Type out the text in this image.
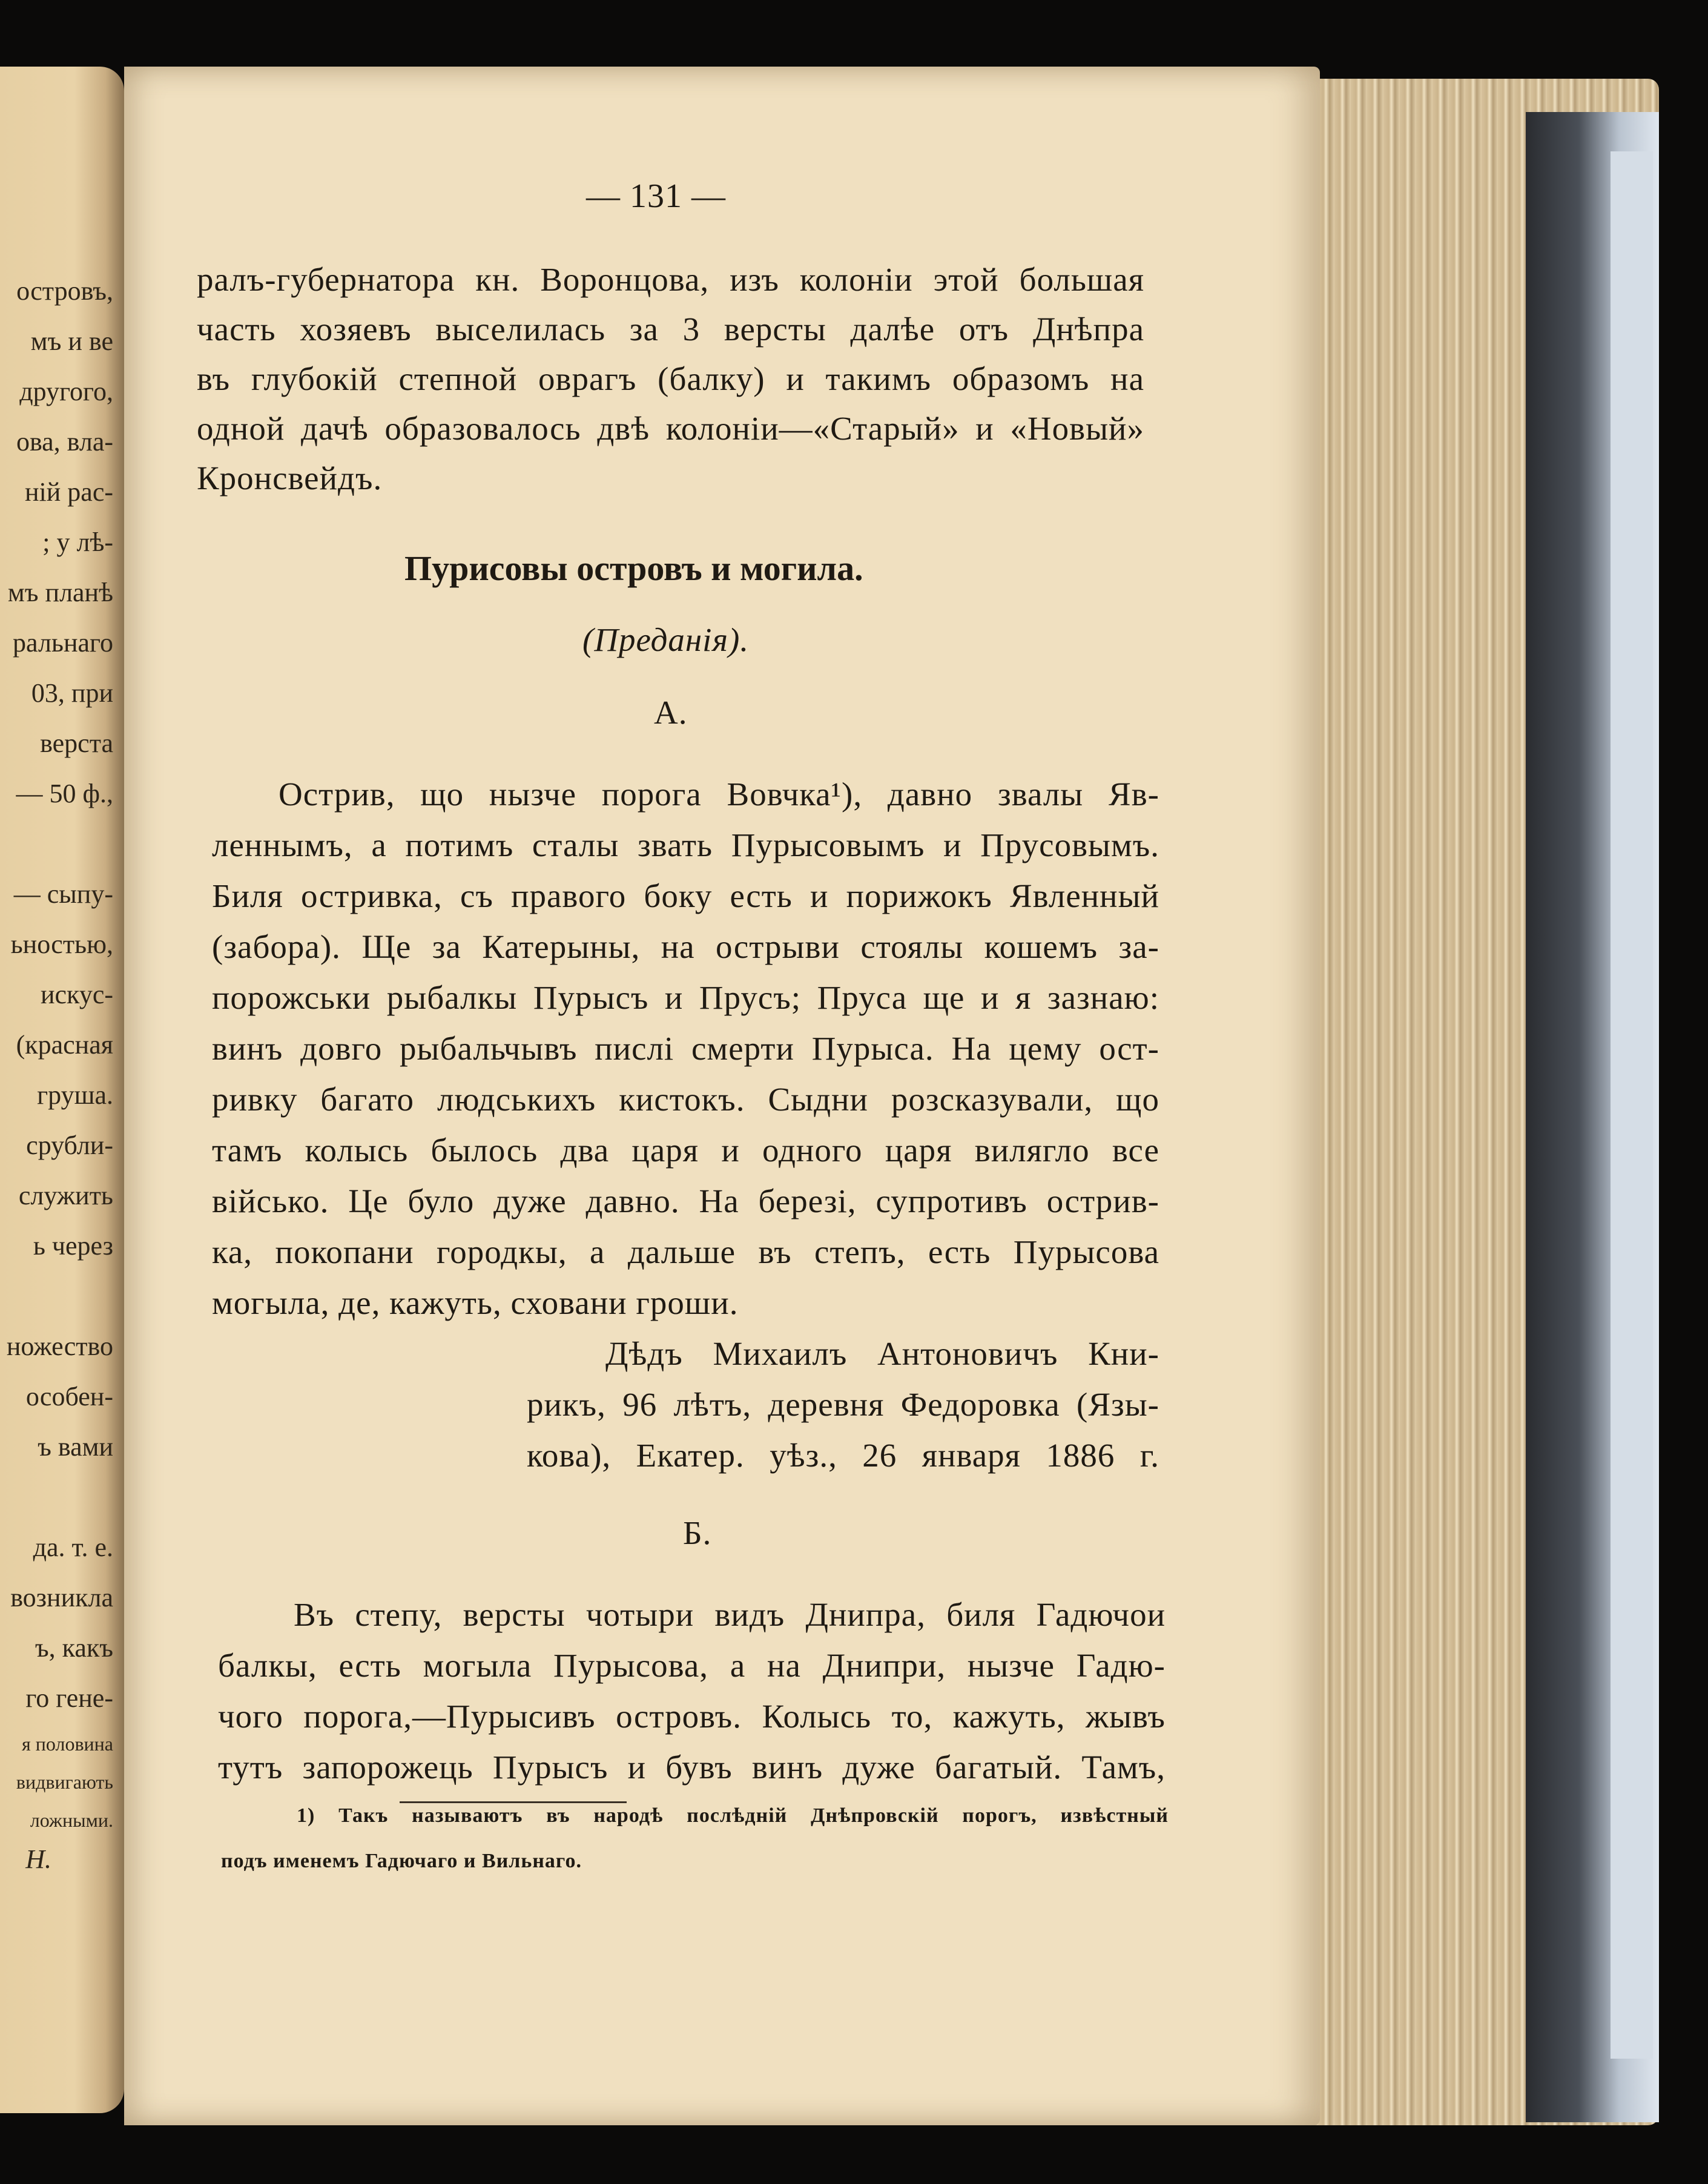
островъ,
мъ и ве
другого,
ова, вла-
ній рас-
; у лѣ-
мъ планѣ
ральнаго
03, при
верста
— 50 ф.,
— сыпу-
ьностью,
искус-
(красная
груша.
срубли-
служить
ь через
ножество
особен-
ъ вами
да. т. е.
возникла
ъ, какъ
го гене-
я половина
видвигають
ложными.
Н.
— 131 —
ралъ-губернатора кн. Воронцова, изъ колоніи этой большая
часть хозяевъ выселилась за 3 версты далѣе отъ Днѣпра
въ глубокій степной оврагъ (балку) и такимъ образомъ на
одной дачѣ образовалось двѣ колоніи—«Старый» и «Новый»
Кронсвейдъ.
Пурисовы островъ и могила.
(Преданія).
А.
Острив, що нызче порога Вовчка¹), давно звалы Яв-
леннымъ, а потимъ сталы звать Пурысовымъ и Прусовымъ.
Биля остривка, съ правого боку есть и порижокъ Явленный
(забора). Ще за Катерыны, на острыви стоялы кошемъ за-
порожськи рыбалкы Пурысъ и Прусъ; Пруса ще и я зазнаю:
винъ довго рыбальчывъ пислі смерти Пурыса. На цему ост-
ривку багато людськихъ кистокъ. Сыдни розсказували, що
тамъ колысь былось два царя и одного царя вилягло все
військо. Це було дуже давно. На березі, супротивъ острив-
ка, покопани городкы, а дальше въ степъ, есть Пурысова
могыла, де, кажуть, сховани гроши.
Дѣдъ Михаилъ Антоновичъ Кни-
рикъ, 96 лѣтъ, деревня Федоровка (Язы-
кова), Екатер. уѣз., 26 января 1886 г.
Б.
Въ степу, версты чотыри видъ Днипра, биля Гадючои
балкы, есть могыла Пурысова, а на Днипри, нызче Гадю-
чого порога,—Пурысивъ островъ. Колысь то, кажуть, жывъ
тутъ запорожець Пурысъ и бувъ винъ дуже багатый. Тамъ,
1) Такъ называютъ въ народѣ послѣдній Днѣпровскій порогъ, извѣстный
подъ именемъ Гадючаго и Вильнаго.
